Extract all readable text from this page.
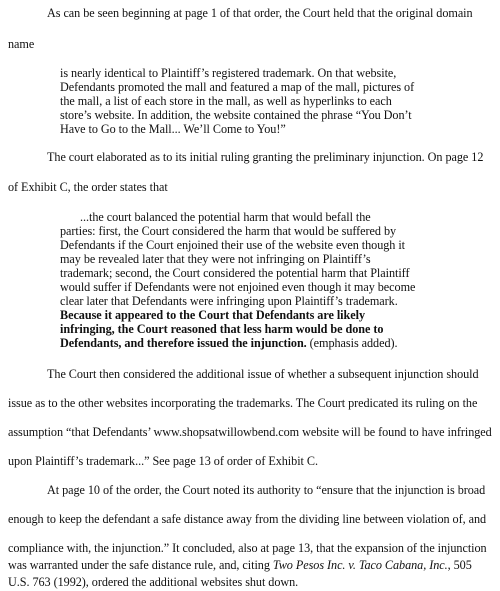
As can be seen beginning at page 1 of that order, the Court held that the original domain
name
is nearly identical to Plaintiff’s registered trademark. On that website,
Defendants promoted the mall and featured a map of the mall, pictures of
the mall, a list of each store in the mall, as well as hyperlinks to each
store’s website. In addition, the website contained the phrase “You Don’t
Have to Go to the Mall... We’ll Come to You!”
The court elaborated as to its initial ruling granting the preliminary injunction. On page 12
of Exhibit C, the order states that
...the court balanced the potential harm that would befall the
parties: first, the Court considered the harm that would be suffered by
Defendants if the Court enjoined their use of the website even though it
may be revealed later that they were not infringing on Plaintiff’s
trademark; second, the Court considered the potential harm that Plaintiff
would suffer if Defendants were not enjoined even though it may become
clear later that Defendants were infringing upon Plaintiff’s trademark.
Because it appeared to the Court that Defendants are likely
infringing, the Court reasoned that less harm would be done to
Defendants, and therefore issued the injunction. (emphasis added).
The Court then considered the additional issue of whether a subsequent injunction should
issue as to the other websites incorporating the trademarks. The Court predicated its ruling on the
assumption “that Defendants’ www.shopsatwillowbend.com website will be found to have infringed
upon Plaintiff’s trademark...” See page 13 of order of Exhibit C.
At page 10 of the order, the Court noted its authority to “ensure that the injunction is broad
enough to keep the defendant a safe distance away from the dividing line between violation of, and
compliance with, the injunction.” It concluded, also at page 13, that the expansion of the injunction
was warranted under the safe distance rule, and, citing Two Pesos Inc. v. Taco Cabana, Inc., 505
U.S. 763 (1992), ordered the additional websites shut down.
